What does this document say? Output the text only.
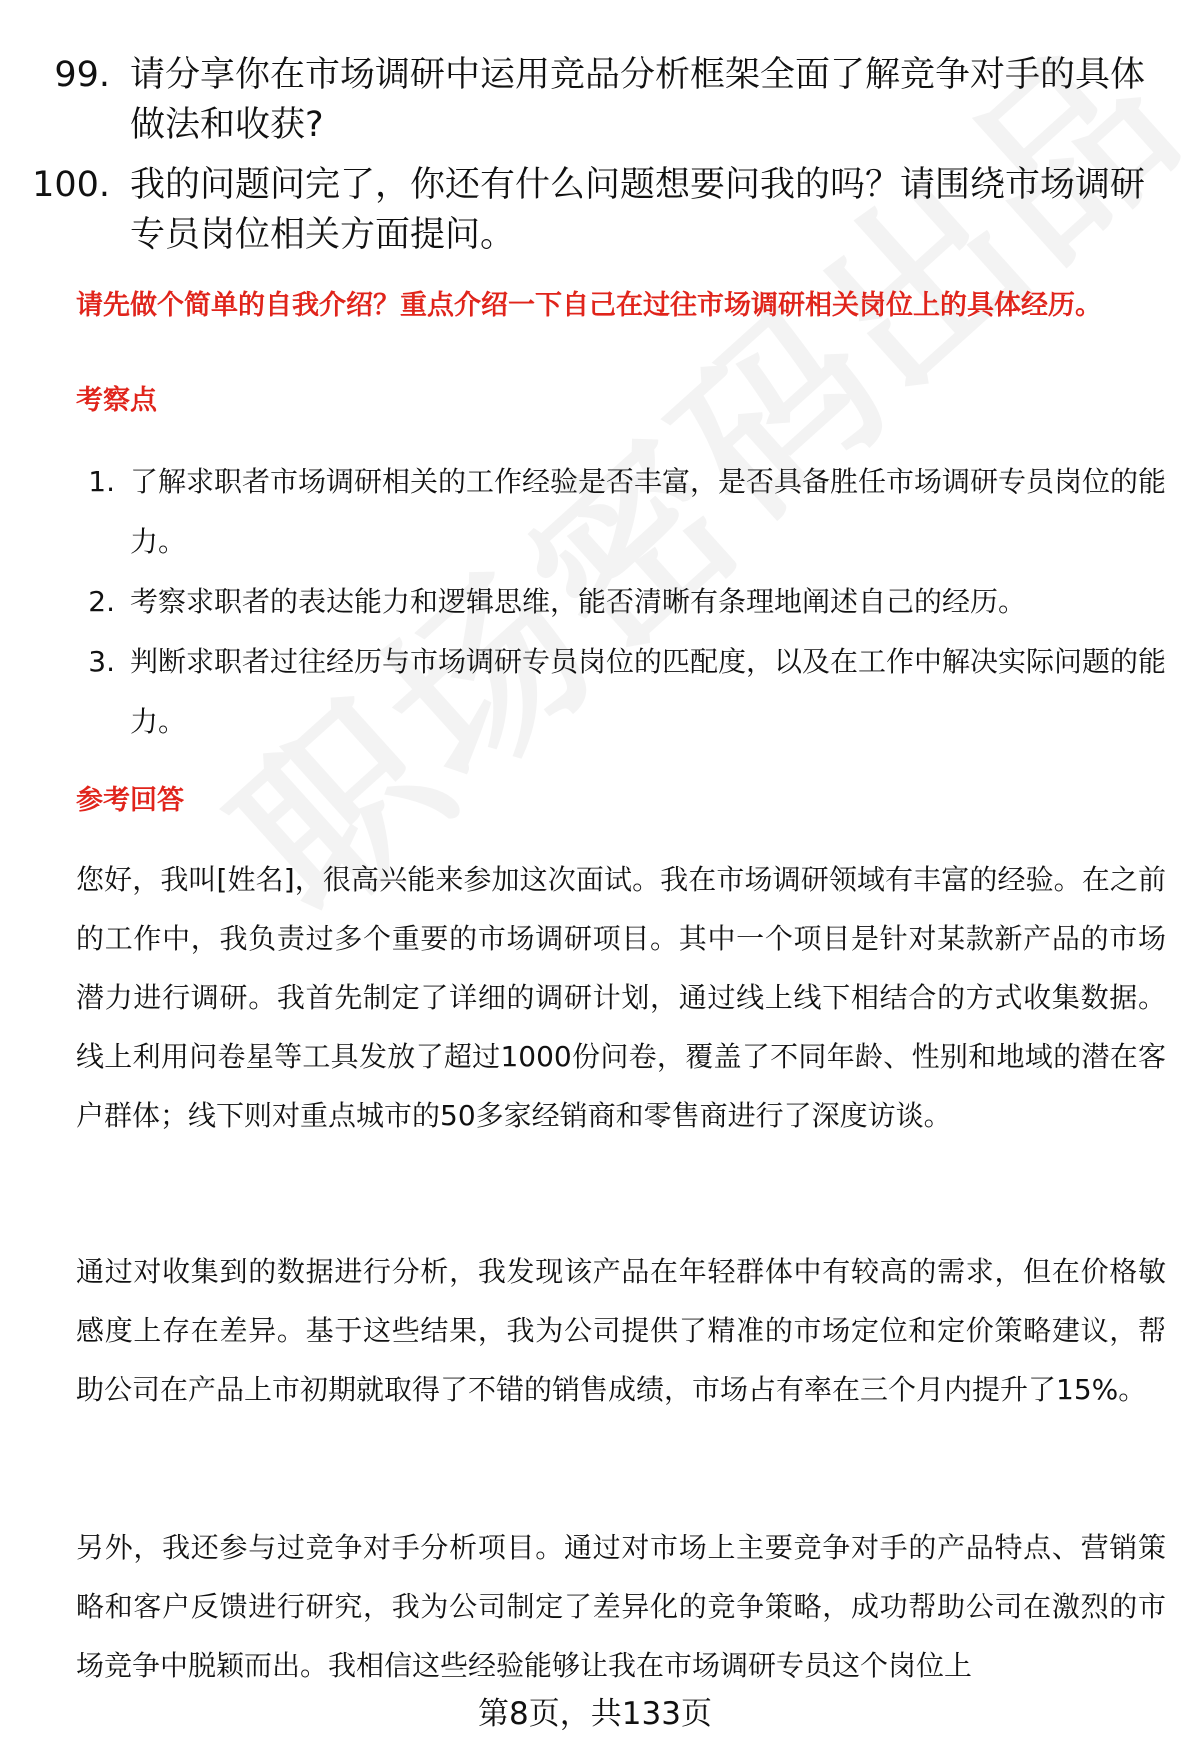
99. 请分享你在市场调研中运用竞品分析框架全面了解竞争对手的具体做法和收获?
100. 我的问题问完了，你还有什么问题想要问我的吗？请围绕市场调研专员岗位相关方面提问。
请先做个简单的自我介绍？重点介绍一下自己在过往市场调研相关岗位上的具体经历。
考察点
1. 了解求职者市场调研相关的工作经验是否丰富，是否具备胜任市场调研专员岗位的能力。
2. 考察求职者的表达能力和逻辑思维，能否清晰有条理地阐述自己的经历。
3. 判断求职者过往经历与市场调研专员岗位的匹配度，以及在工作中解决实际问题的能力。
参考回答
您好，我叫[姓名]，很高兴能来参加这次面试。我在市场调研领域有丰富的经验。在之前的工作中，我负责过多个重要的市场调研项目。其中一个项目是针对某款新产品的市场潜力进行调研。我首先制定了详细的调研计划，通过线上线下相结合的方式收集数据。线上利用问卷星等工具发放了超过1000份问卷，覆盖了不同年龄、性别和地域的潜在客户群体；线下则对重点城市的50多家经销商和零售商进行了深度访谈。
通过对收集到的数据进行分析，我发现该产品在年轻群体中有较高的需求，但在价格敏感度上存在差异。基于这些结果，我为公司提供了精准的市场定位和定价策略建议，帮助公司在产品上市初期就取得了不错的销售成绩，市场占有率在三个月内提升了15%。
另外，我还参与过竞争对手分析项目。通过对市场上主要竞争对手的产品特点、营销策略和客户反馈进行研究，我为公司制定了差异化的竞争策略，成功帮助公司在激烈的市场竞争中脱颖而出。我相信这些经验能够让我在市场调研专员这个岗位上
第8页，共133页
